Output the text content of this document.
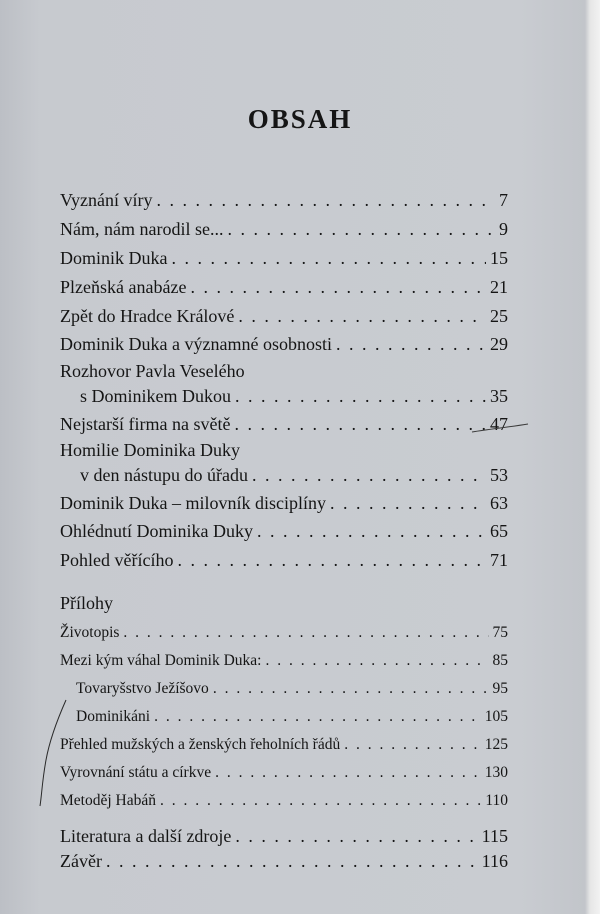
OBSAH
Vyznání víry . . .	7
Nám, nám narodil se... . . .	9
Dominik Duka . . .	15
Plzeňská anabáze . . .	21
Zpět do Hradce Králové . . .	25
Dominik Duka a významné osobnosti . . .	29
Rozhovor Pavla Veselého
s Dominikem Dukou . . .	35
Nejstarší firma na světě . . .	47
Homilie Dominika Duky
v den nástupu do úřadu . . .	53
Dominik Duka – milovník disciplíny . . .	63
Ohlédnutí Dominika Duky . . .	65
Pohled věřícího . . .	71
Přílohy
Životopis . . .	75
Mezi kým váhal Dominik Duka: . . .	85
Tovaryšstvo Ježíšovo . . .	95
Dominikáni . . .	105
Přehled mužských a ženských řeholních řádů . . .	125
Vyrovnání státu a církve . . .	130
Metoděj Habáň . . .	110
Literatura a další zdroje . . .	115
Závěr . . .	116
